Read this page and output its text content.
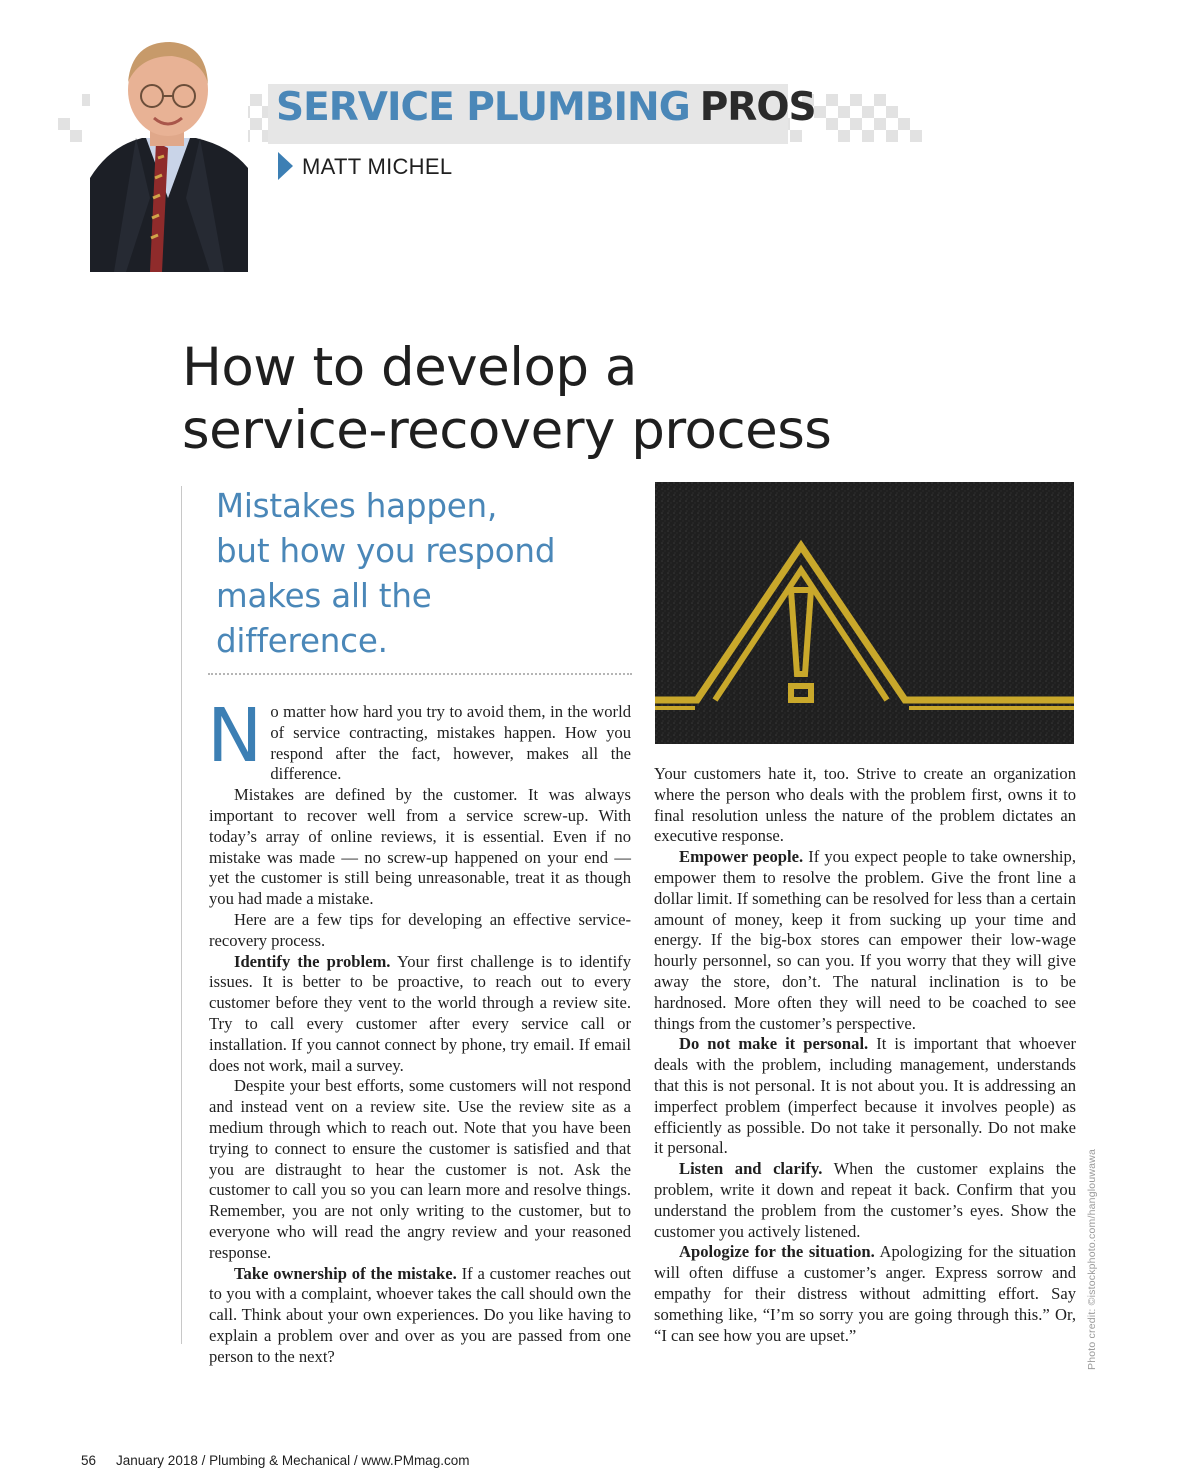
SERVICE PLUMBING PROS
MATT MICHEL
How to develop a
service-recovery process
Mistakes happen,
but how you respond
makes all the
difference.

No matter how hard you try to avoid them, in the world of service contracting, mistakes happen. How you respond after the fact, however, makes all the difference.

Mistakes are defined by the customer. It was always important to recover well from a service screw-up. With today’s array of online reviews, it is essential. Even if no mistake was made — no screw-up happened on your end — yet the customer is still being unreasonable, treat it as though you had made a mistake.

Here are a few tips for developing an effective service-recovery process.

Identify the problem. Your first challenge is to identify issues. It is better to be proactive, to reach out to every customer before they vent to the world through a review site. Try to call every customer after every service call or installation. If you cannot connect by phone, try email. If email does not work, mail a survey.

Despite your best efforts, some customers will not respond and instead vent on a review site. Use the review site as a medium through which to reach out. Note that you have been trying to connect to ensure the customer is satisfied and that you are distraught to hear the customer is not. Ask the customer to call you so you can learn more and resolve things. Remember, you are not only writing to the customer, but to everyone who will read the angry review and your reasoned response.

Take ownership of the mistake. If a customer reaches out to you with a complaint, whoever takes the call should own the call. Think about your own experiences. Do you like having to explain a problem over and over as you are passed from one person to the next?

Your customers hate it, too. Strive to create an organization where the person who deals with the problem first, owns it to final resolution unless the nature of the problem dictates an executive response.

Empower people. If you expect people to take ownership, empower them to resolve the problem. Give the front line a dollar limit. If something can be resolved for less than a certain amount of money, keep it from sucking up your time and energy. If the big-box stores can empower their low-wage hourly personnel, so can you. If you worry that they will give away the store, don’t. The natural inclination is to be hardnosed. More often they will need to be coached to see things from the customer’s perspective.

Do not make it personal. It is important that whoever deals with the problem, including management, understands that this is not personal. It is not about you. It is addressing an imperfect problem (imperfect because it involves people) as efficiently as possible. Do not take it personally. Do not make it personal.

Listen and clarify. When the customer explains the problem, write it down and repeat it back. Confirm that you understand the problem from the customer’s eyes. Show the customer you actively listened.

Apologize for the situation. Apologizing for the situation will often diffuse a customer’s anger. Express sorrow and empathy for their distress without admitting effort. Say something like, “I’m so sorry you are going through this.” Or, “I can see how you are upset.”	Photo credit: ©istockphoto.com/hanglouwawa
56 January 2018 / Plumbing & Mechanical / www.PMmag.com
